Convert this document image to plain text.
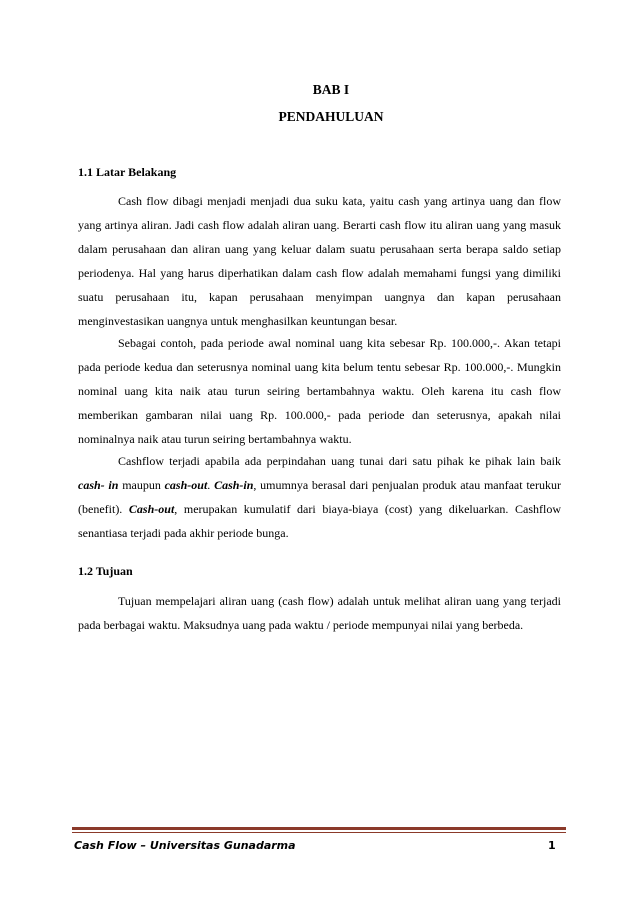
BAB I
PENDAHULUAN
1.1 Latar Belakang

Cash flow dibagi menjadi menjadi dua suku kata, yaitu cash yang artinya uang dan flow yang artinya aliran. Jadi cash flow adalah aliran uang. Berarti cash flow itu aliran uang yang masuk dalam perusahaan dan aliran uang yang keluar dalam suatu perusahaan serta berapa saldo setiap periodenya. Hal yang harus diperhatikan dalam cash flow adalah memahami fungsi yang dimiliki suatu perusahaan itu, kapan perusahaan menyimpan uangnya dan kapan perusahaan menginvestasikan uangnya untuk menghasilkan keuntungan besar.

Sebagai contoh, pada periode awal nominal uang kita sebesar Rp. 100.000,-. Akan tetapi pada periode kedua dan seterusnya nominal uang kita belum tentu sebesar Rp. 100.000,-. Mungkin nominal uang kita naik atau turun seiring bertambahnya waktu. Oleh karena itu cash flow memberikan gambaran nilai uang Rp. 100.000,- pada periode dan seterusnya, apakah nilai nominalnya naik atau turun seiring bertambahnya waktu.

Cashflow terjadi apabila ada perpindahan uang tunai dari satu pihak ke pihak lain baik cash- in maupun cash-out. Cash-in, umumnya berasal dari penjualan produk atau manfaat terukur (benefit). Cash-out, merupakan kumulatif dari biaya-biaya (cost) yang dikeluarkan. Cashflow senantiasa terjadi pada akhir periode bunga.

1.2 Tujuan

Tujuan mempelajari aliran uang (cash flow) adalah untuk melihat aliran uang yang terjadi pada berbagai waktu. Maksudnya uang pada waktu / periode mempunyai nilai yang berbeda.

Cash Flow – Universitas Gunadarma	1
